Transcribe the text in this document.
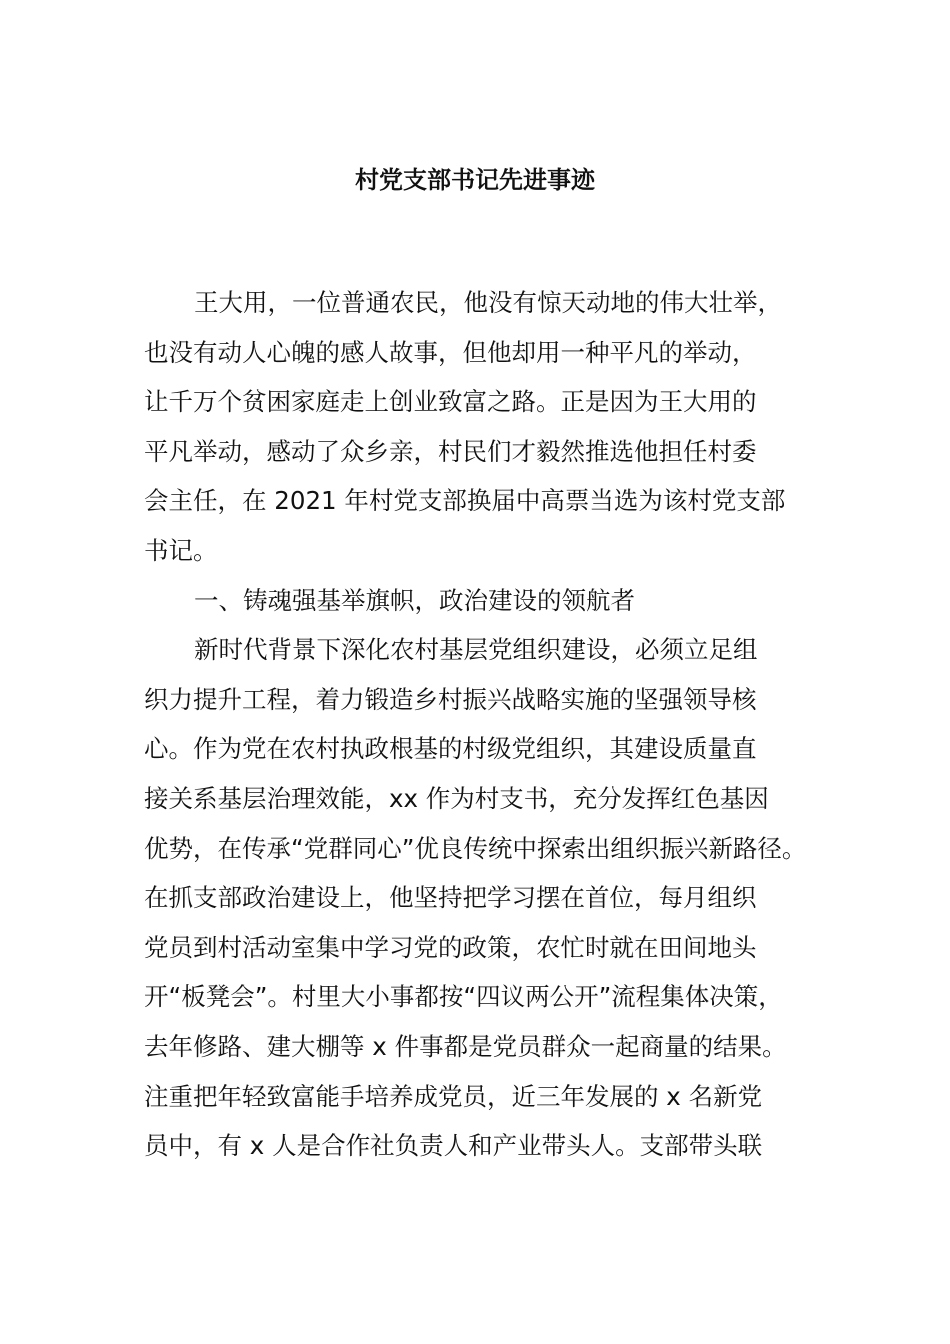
村党支部书记先进事迹
王大用，一位普通农民，他没有惊天动地的伟大壮举，
也没有动人心魄的感人故事，但他却用一种平凡的举动，
让千万个贫困家庭走上创业致富之路。正是因为王大用的
平凡举动，感动了众乡亲，村民们才毅然推选他担任村委
会主任，在 2021 年村党支部换届中高票当选为该村党支部
书记。
一、铸魂强基举旗帜，政治建设的领航者
新时代背景下深化农村基层党组织建设，必须立足组
织力提升工程，着力锻造乡村振兴战略实施的坚强领导核
心。作为党在农村执政根基的村级党组织，其建设质量直
接关系基层治理效能，xx 作为村支书，充分发挥红色基因
优势，在传承“党群同心”优良传统中探索出组织振兴新路径。
在抓支部政治建设上，他坚持把学习摆在首位，每月组织
党员到村活动室集中学习党的政策，农忙时就在田间地头
开“板凳会”。村里大小事都按“四议两公开”流程集体决策，
去年修路、建大棚等 x 件事都是党员群众一起商量的结果。
注重把年轻致富能手培养成党员，近三年发展的 x 名新党
员中，有 x 人是合作社负责人和产业带头人。支部带头联
